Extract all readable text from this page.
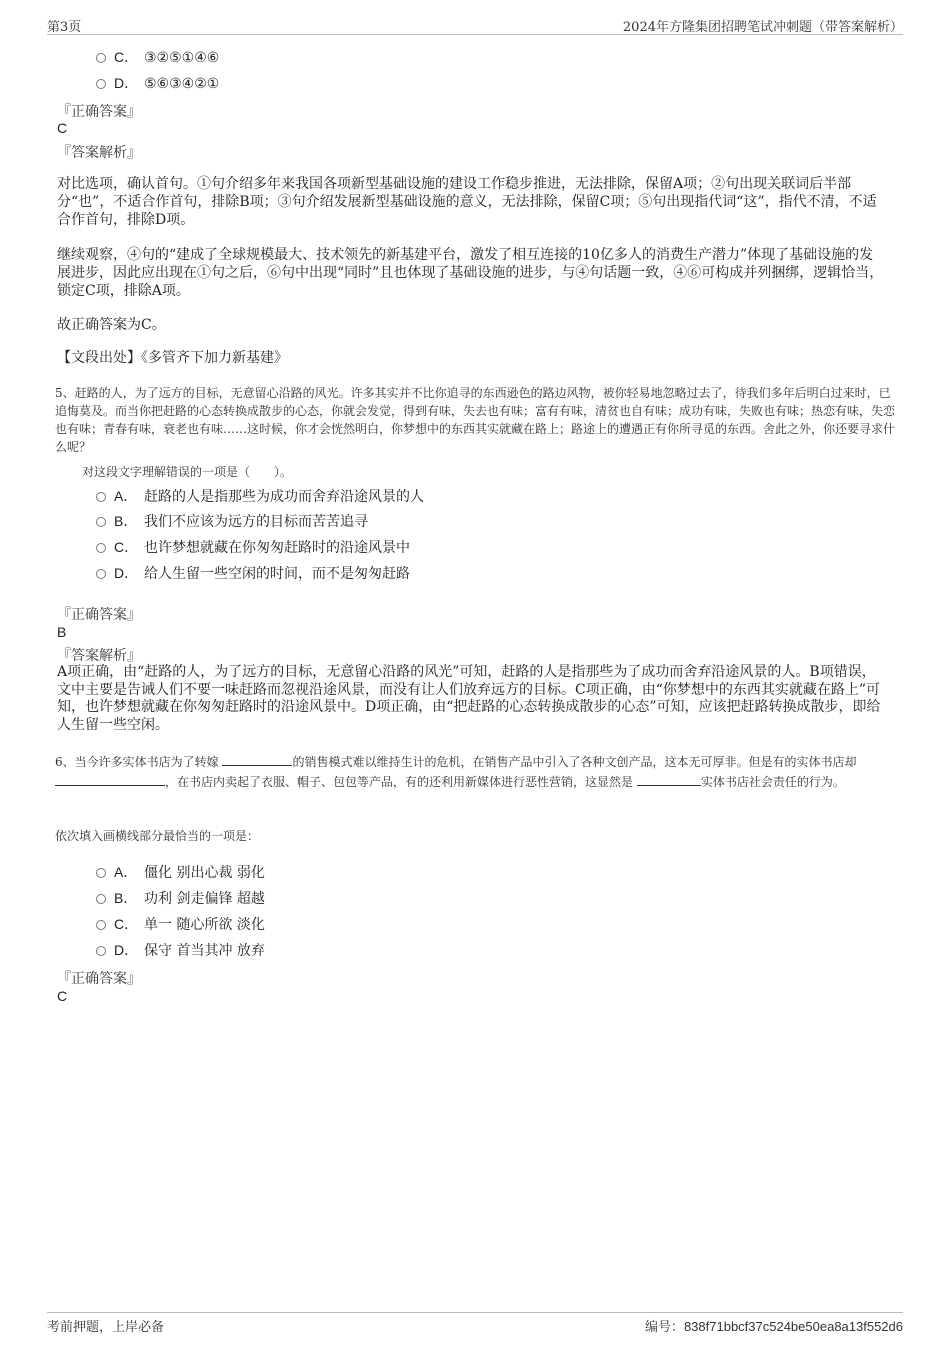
第3页	2024年方隆集团招聘笔试冲刺题（带答案解析）
C． ③②⑤①④⑥
D． ⑤⑥③④②①
『正确答案』
C
『答案解析』
对比选项，确认首句。①句介绍多年来我国各项新型基础设施的建设工作稳步推进，无法排除，保留A项；②句出现关联词后半部分“也”，不适合作首句，排除B项；③句介绍发展新型基础设施的意义，无法排除，保留C项；⑤句出现指代词“这”，指代不清，不适合作首句，排除D项。
继续观察，④句的“建成了全球规模最大、技术领先的新基建平台，激发了相互连接的10亿多人的消费生产潜力”体现了基础设施的发展进步，因此应出现在①句之后，⑥句中出现“同时”且也体现了基础设施的进步，与④句话题一致，④⑥可构成并列捆绑，逻辑恰当，锁定C项，排除A项。
故正确答案为C。
【文段出处】《多管齐下加力新基建》
5、赶路的人，为了远方的目标，无意留心沿路的风光。许多其实并不比你追寻的东西逊色的路边风物，被你轻易地忽略过去了，待我们多年后明白过来时，已追悔莫及。而当你把赶路的心态转换成散步的心态，你就会发觉，得到有味，失去也有味；富有有味，清贫也自有味；成功有味，失败也有味；热恋有味，失恋也有味；青春有味，衰老也有味……这时候，你才会恍然明白，你梦想中的东西其实就藏在路上；路途上的遭遇正有你所寻觅的东西。舍此之外，你还要寻求什么呢？
对这段文字理解错误的一项是（　　）。
A． 赶路的人是指那些为成功而舍弃沿途风景的人
B． 我们不应该为远方的目标而苦苦追寻
C． 也许梦想就藏在你匆匆赶路时的沿途风景中
D． 给人生留一些空闲的时间，而不是匆匆赶路
『正确答案』
B
『答案解析』
A项正确，由“赶路的人，为了远方的目标，无意留心沿路的风光”可知，赶路的人是指那些为了成功而舍弃沿途风景的人。B项错误，文中主要是告诫人们不要一味赶路而忽视沿途风景，而没有让人们放弃远方的目标。C项正确，由“你梦想中的东西其实就藏在路上”可知，也许梦想就藏在你匆匆赶路时的沿途风景中。D项正确，由“把赶路的心态转换成散步的心态”可知，应该把赶路转换成散步，即给人生留一些空闲。
6、当今许多实体书店为了转嫁	的销售模式难以维持生计的危机，在销售产品中引入了各种文创产品，这本无可厚非。但是有的实体书店却 ，在书店内卖起了衣服、帽子、包包等产品，有的还利用新媒体进行恶性营销，这显然是	实体书店社会责任的行为。
依次填入画横线部分最恰当的一项是：
A． 僵化 别出心裁 弱化
B． 功利 剑走偏锋 超越
C． 单一 随心所欲 淡化
D． 保守 首当其冲 放弃
『正确答案』
C
考前押题，上岸必备	编号：838f71bbcf37c524be50ea8a13f552d6
